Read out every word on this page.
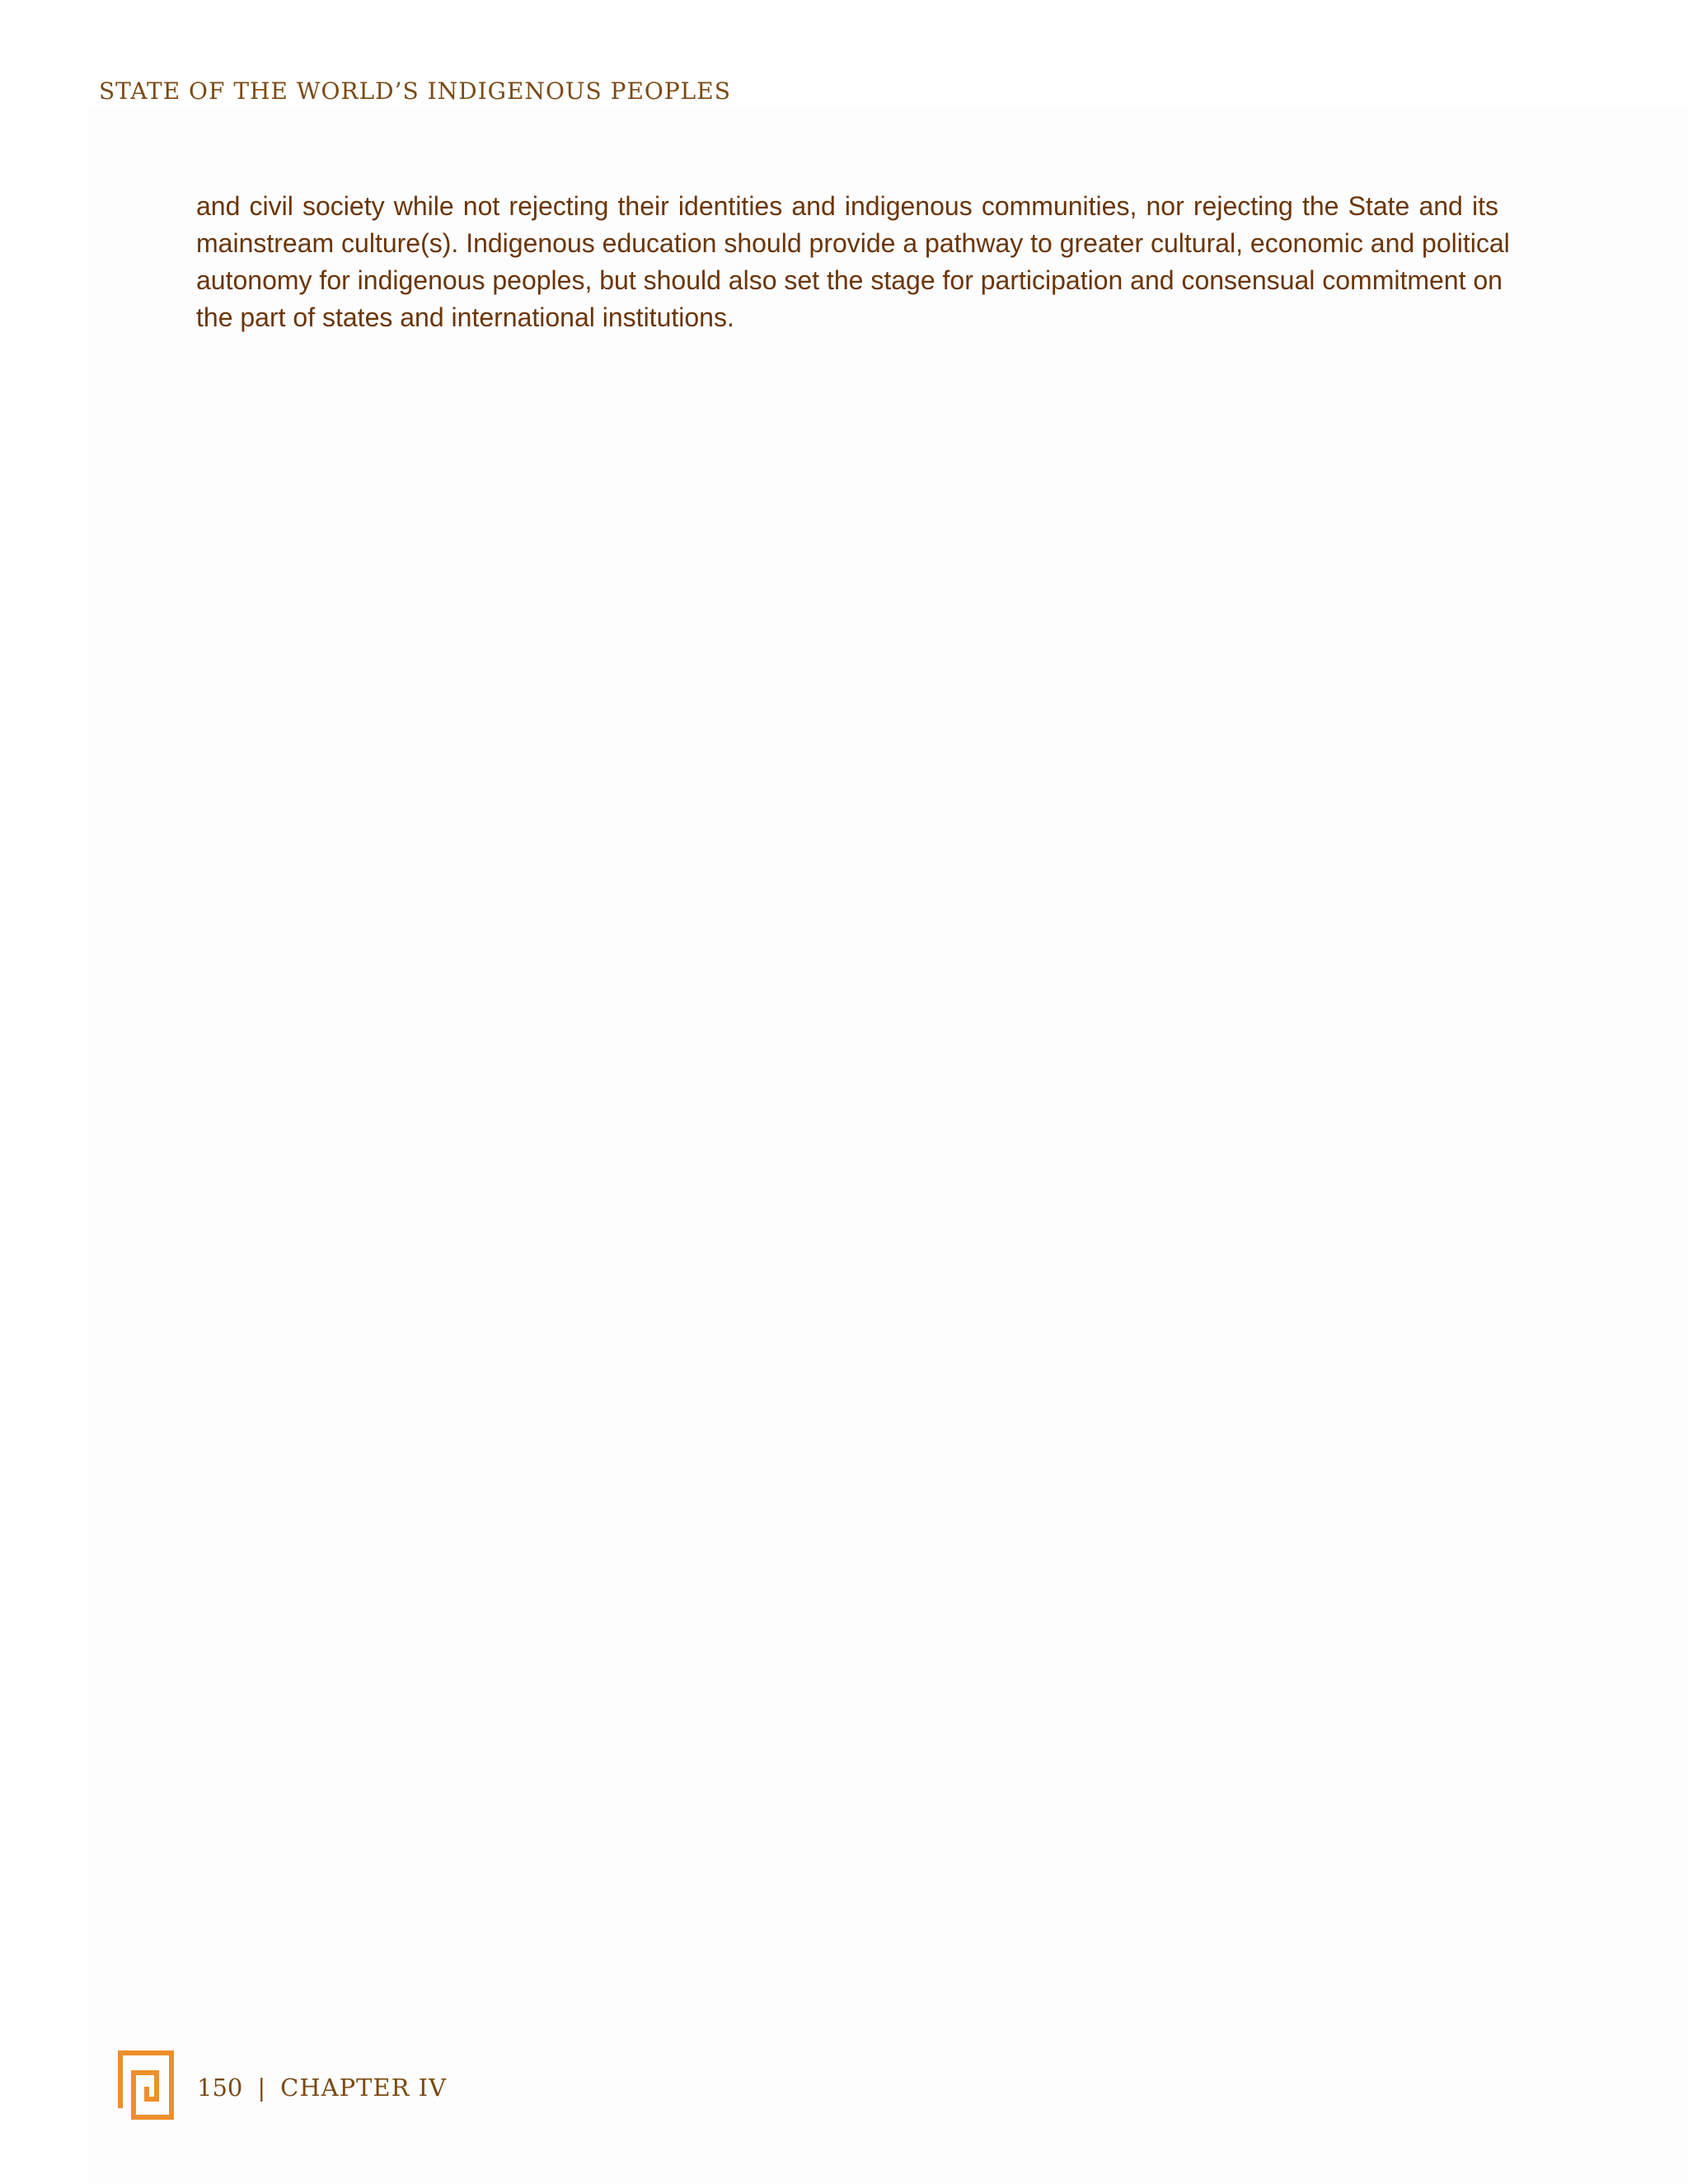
STATE OF THE WORLD’S INDIGENOUS PEOPLES
and civil society while not rejecting their identities and indigenous communities, nor rejecting the State and its
mainstream culture(s). Indigenous education should provide a pathway to greater cultural, economic and political
autonomy for indigenous peoples, but should also set the stage for participation and consensual commitment on
the part of states and international institutions.
150 | CHAPTER IV
